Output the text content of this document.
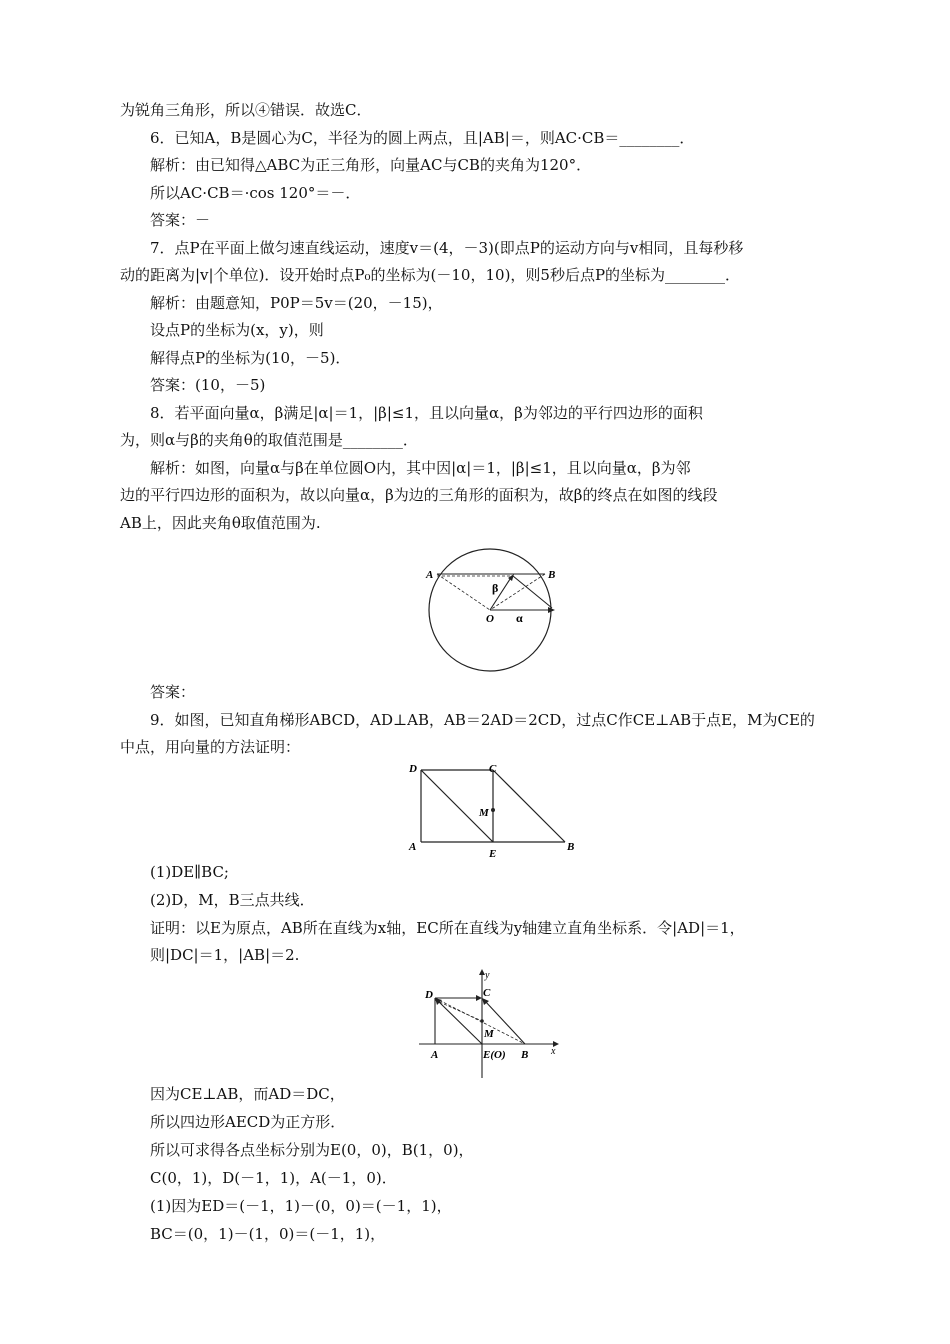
为锐角三角形，所以④错误．故选C．
6．已知A，B是圆心为C，半径为的圆上两点，且|AB|＝，则AC·CB＝________．
解析：由已知得△ABC为正三角形，向量AC与CB的夹角为120°．
所以AC·CB＝·cos 120°＝－．
答案：－
7．点P在平面上做匀速直线运动，速度v＝(4，－3)(即点P的运动方向与v相同，且每秒移
动的距离为|v|个单位)．设开始时点P₀的坐标为(－10，10)，则5秒后点P的坐标为________．
解析：由题意知，P0P＝5v＝(20，－15)，
设点P的坐标为(x，y)，则
解得点P的坐标为(10，－5)．
答案：(10，－5)
8．若平面向量α，β满足|α|＝1，|β|≤1，且以向量α，β为邻边的平行四边形的面积
为，则α与β的夹角θ的取值范围是________．
解析：如图，向量α与β在单位圆O内，其中因|α|＝1，|β|≤1，且以向量α，β为邻
边的平行四边形的面积为，故以向量α，β为边的三角形的面积为，故β的终点在如图的线段
AB上，因此夹角θ取值范围为.
A	B
O α
β
答案：
9．如图，已知直角梯形ABCD，AD⊥AB，AB＝2AD＝2CD，过点C作CE⊥AB于点E，M为CE的
中点，用向量的方法证明：
D	C
M
A
E
B
(1)DE∥BC;
(2)D，M，B三点共线．
证明：以E为原点，AB所在直线为x轴，EC所在直线为y轴建立直角坐标系．令|AD|＝1，
则|DC|＝1，|AB|＝2.
y
x
D	C
M
A	E(O) B
因为CE⊥AB，而AD＝DC，
所以四边形AECD为正方形．
所以可求得各点坐标分别为E(0，0)，B(1，0)，
C(0，1)，D(－1，1)，A(－1，0)．
(1)因为ED＝(－1，1)－(0，0)＝(－1，1)，
BC＝(0，1)－(1，0)＝(－1，1)，
